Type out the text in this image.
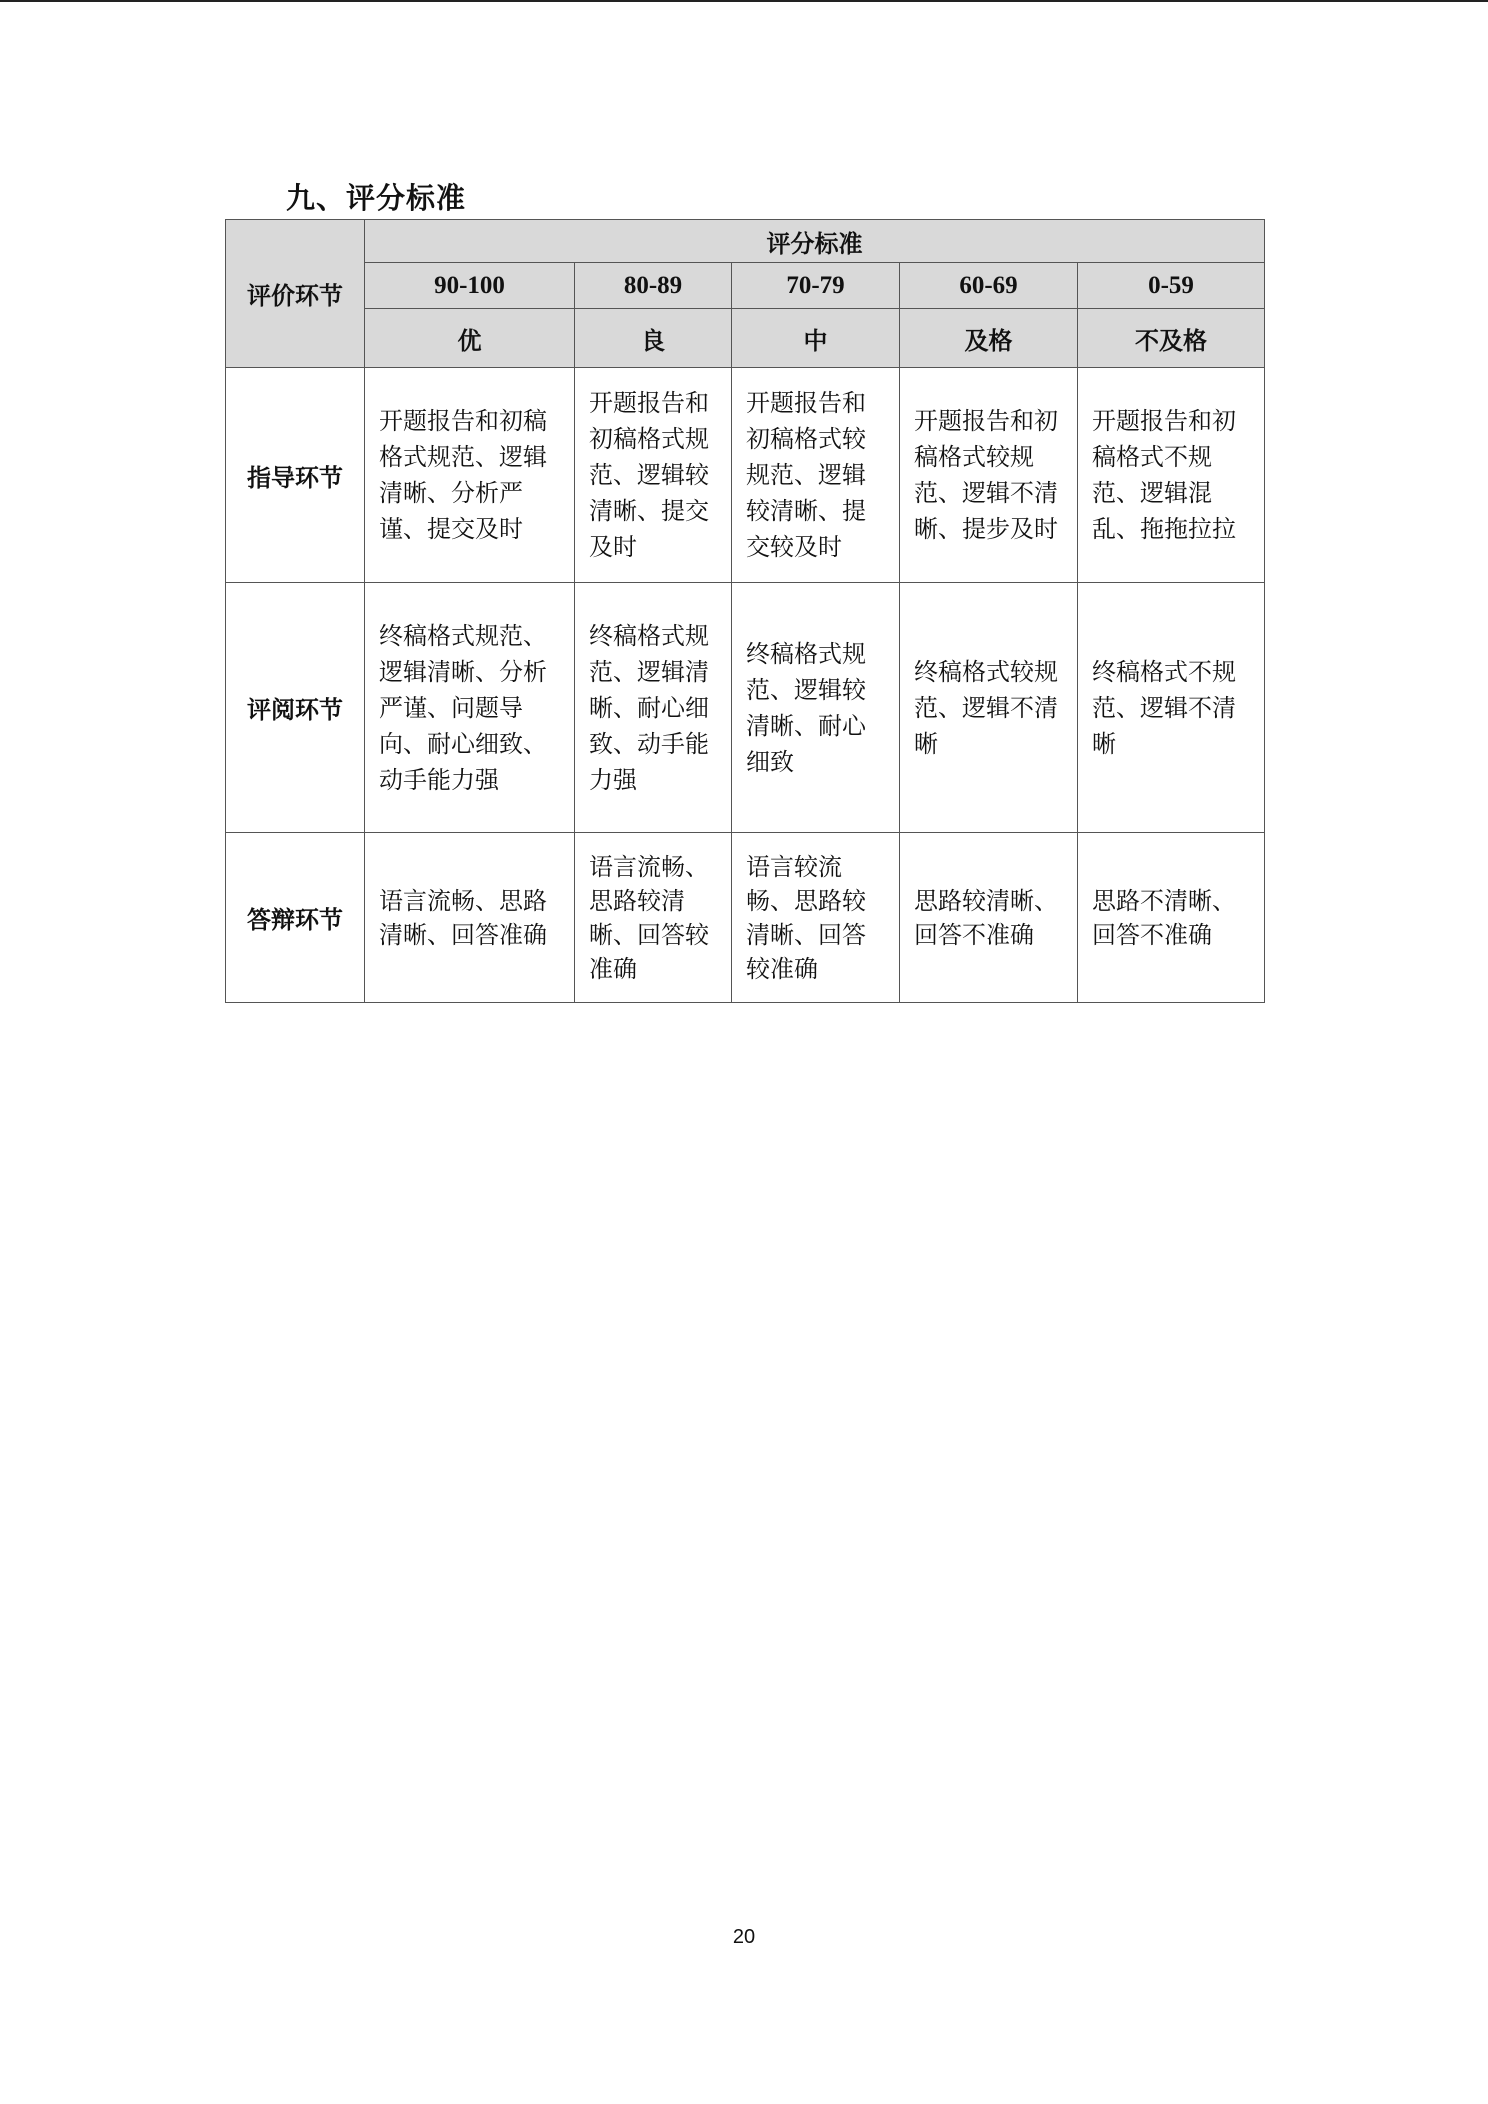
九、评分标准
评价环节	评分标准				
	90-100	80-89	70-79	60-69	0-59
	优	良	中	及格	不及格
指导环节	开题报告和初稿格式规范、逻辑清晰、分析严谨、提交及时	开题报告和初稿格式规范、逻辑较清晰、提交及时	开题报告和初稿格式较规范、逻辑较清晰、提交较及时	开题报告和初稿格式较规范、逻辑不清晰、提步及时	开题报告和初稿格式不规范、逻辑混乱、拖拖拉拉
评阅环节	终稿格式规范、逻辑清晰、分析严谨、问题导向、耐心细致、动手能力强	终稿格式规范、逻辑清晰、耐心细致、动手能力强	终稿格式规范、逻辑较清晰、耐心细致	终稿格式较规范、逻辑不清晰	终稿格式不规范、逻辑不清晰
答辩环节	语言流畅、思路清晰、回答准确	语言流畅、思路较清晰、回答较准确	语言较流畅、思路较清晰、回答较准确	思路较清晰、回答不准确	思路不清晰、回答不准确
20
